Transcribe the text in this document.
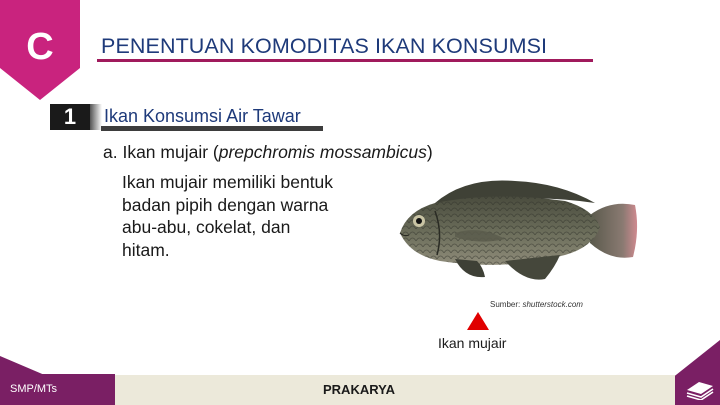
C	PENENTUAN KOMODITAS IKAN KONSUMSI
1	Ikan Konsumsi Air Tawar
a. Ikan mujair (prepchromis mossambicus)
Ikan mujair memiliki bentuk
badan pipih dengan warna
abu-abu, cokelat, dan
hitam.
Sumber: shutterstock.com
Ikan mujair
SMP/MTs	PRAKARYA
